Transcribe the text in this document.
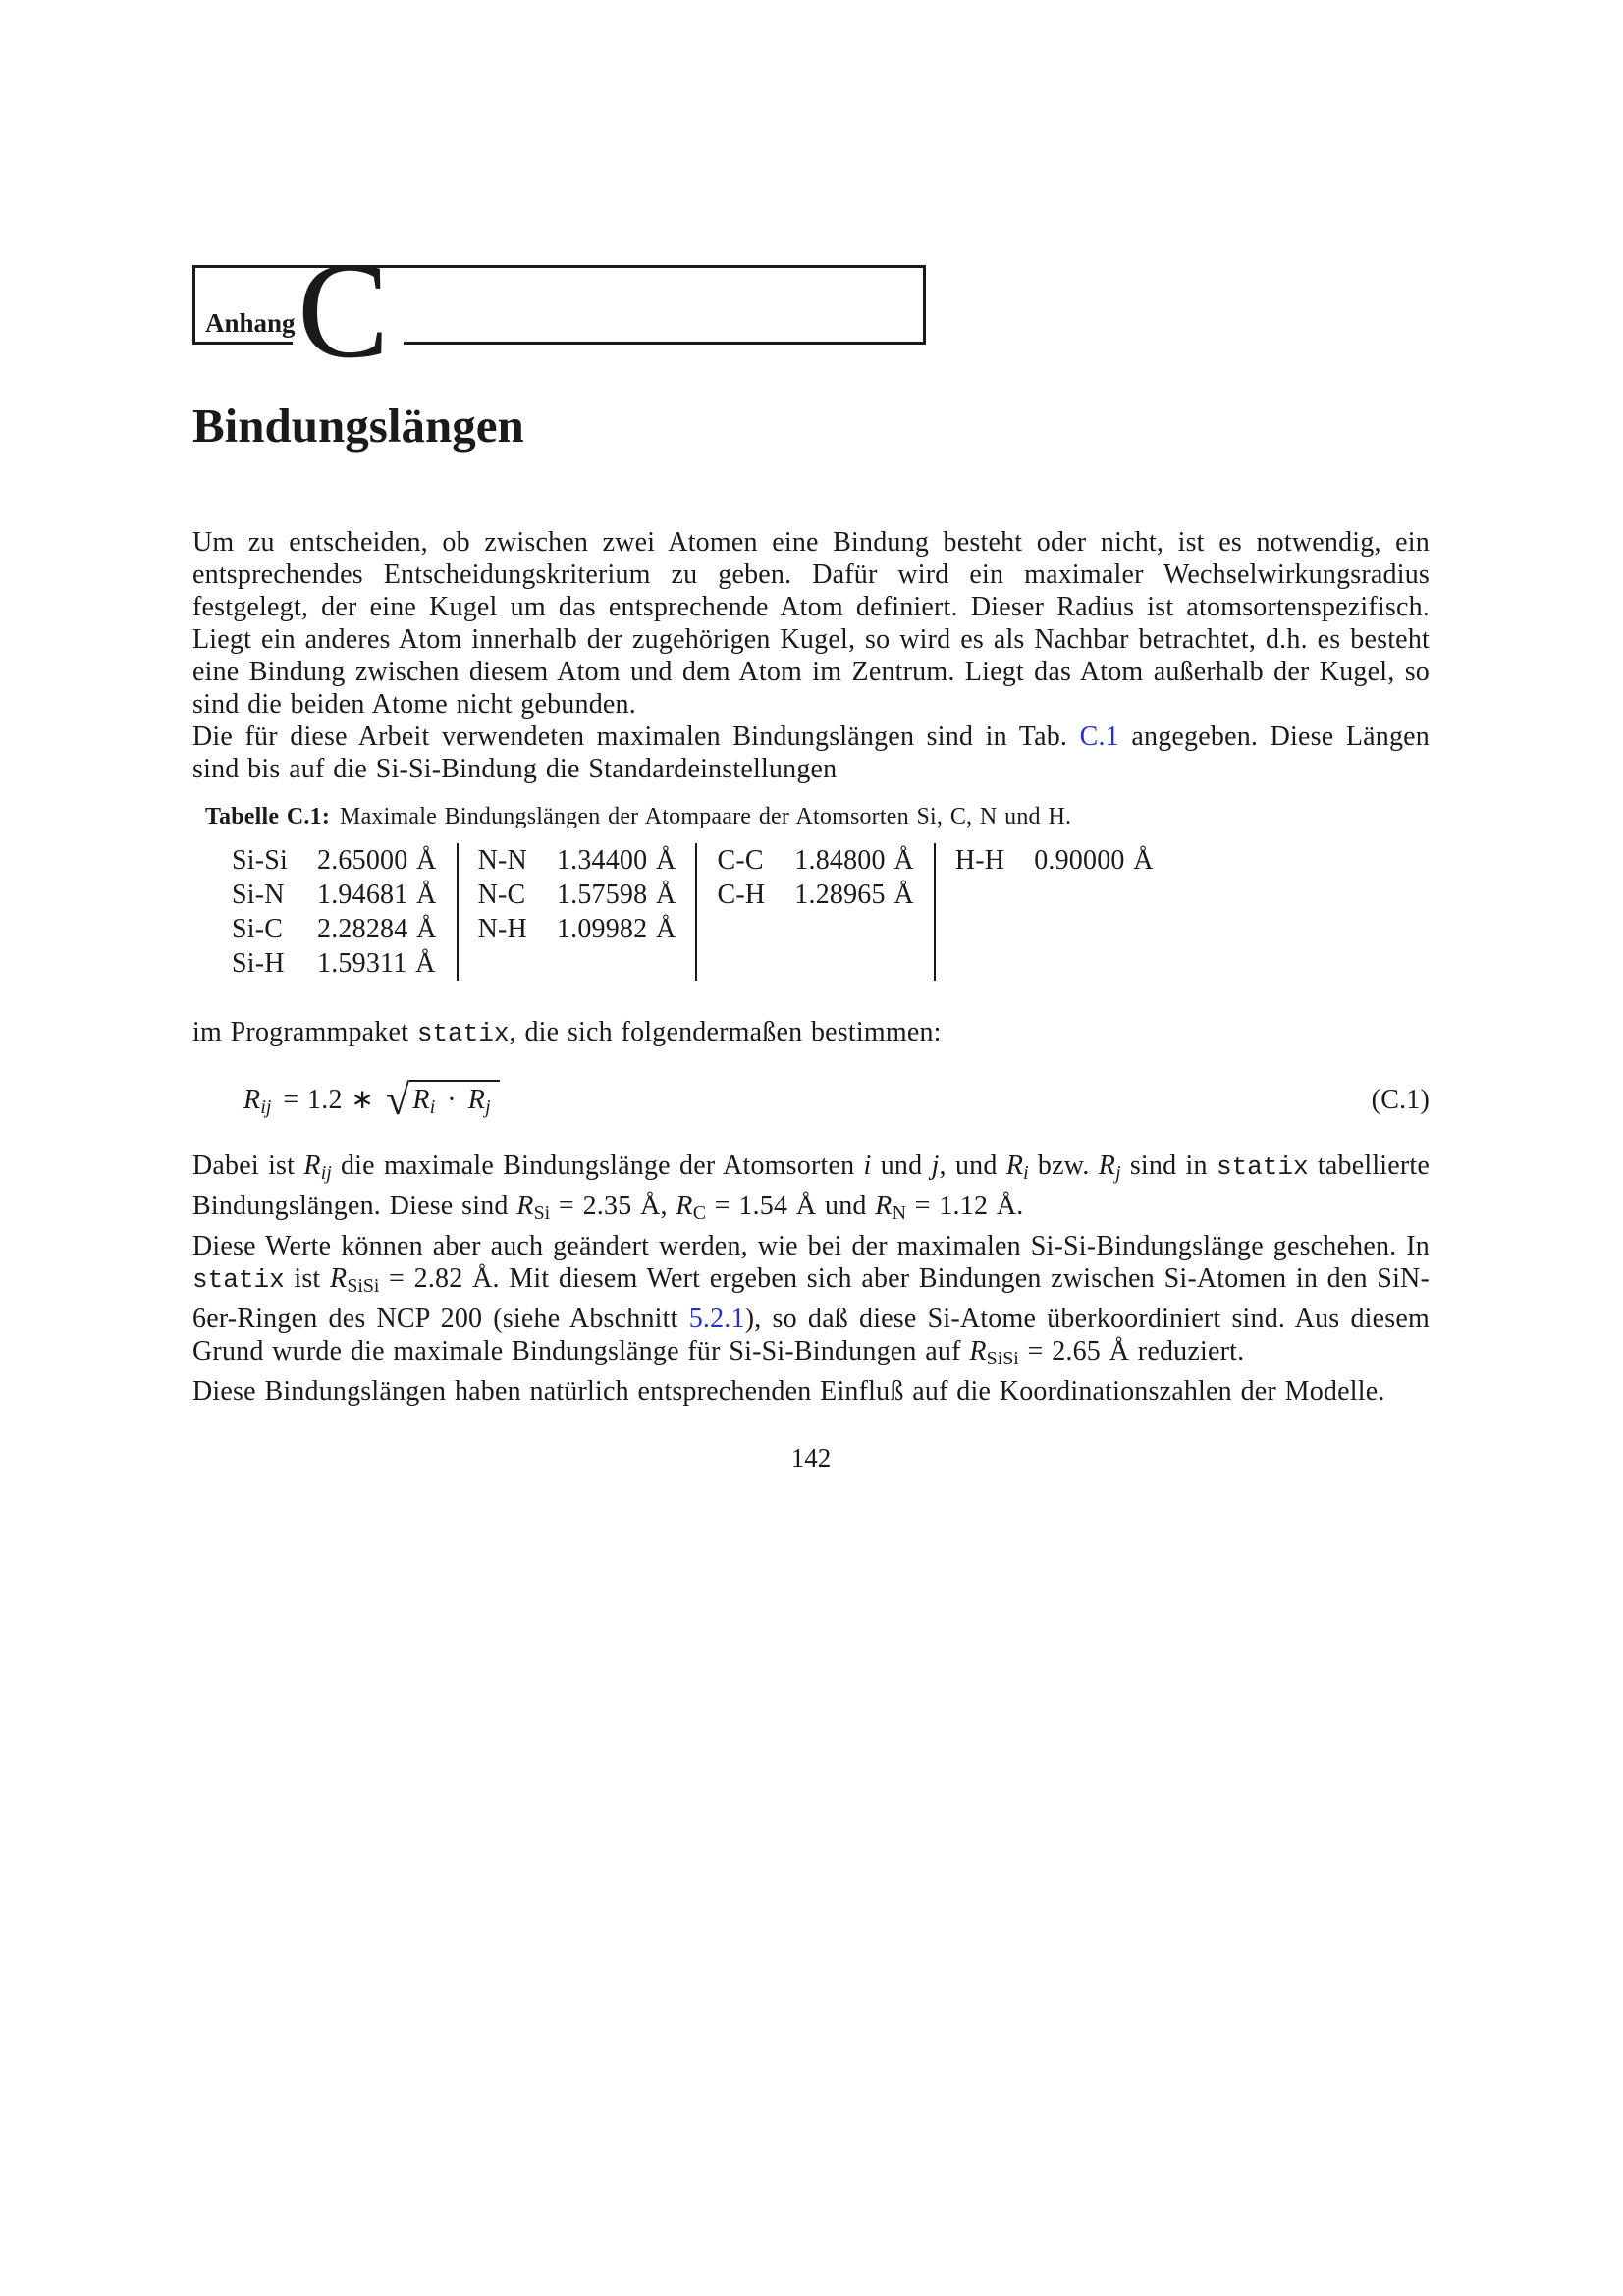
Anhang C
Bindungslängen

Um zu entscheiden, ob zwischen zwei Atomen eine Bindung besteht oder nicht, ist es notwendig, ein entsprechendes Entscheidungskriterium zu geben. Dafür wird ein maximaler Wechselwirkungsradius festgelegt, der eine Kugel um das entsprechende Atom definiert. Dieser Radius ist atomsortenspezifisch. Liegt ein anderes Atom innerhalb der zugehörigen Kugel, so wird es als Nachbar betrachtet, d.h. es besteht eine Bindung zwischen diesem Atom und dem Atom im Zentrum. Liegt das Atom außerhalb der Kugel, so sind die beiden Atome nicht gebunden.

Die für diese Arbeit verwendeten maximalen Bindungslängen sind in Tab. C.1 angegeben. Diese Längen sind bis auf die Si-Si-Bindung die Standardeinstellungen

Tabelle C.1: Maximale Bindungslängen der Atompaare der Atomsorten Si, C, N und H.
Si-Si 2.65000 Å
Si-N 1.94681 Å
Si-C 2.28284 Å
Si-H 1.59311 Å
N-N 1.34400 Å
N-C 1.57598 Å
N-H 1.09982 Å
C-C 1.84800 Å
C-H 1.28965 Å
H-H 0.90000 Å

im Programmpaket statix, die sich folgendermaßen bestimmen:

$R_{ij} = 1.2$ ∗ √ $R_i \cdot R_j$	(C.1)

Dabei ist $R_{ij}$ die maximale Bindungslänge der Atomsorten i und j, und $R_i$ bzw. $R_j$ sind in statix tabellierte Bindungslängen. Diese sind $R_{Si} = 2.35$ Å, $R_C = 1.54$ Å und $R_N = 1.12$ Å.

Diese Werte können aber auch geändert werden, wie bei der maximalen Si-Si-Bindungslänge geschehen. In statix ist $R_{SiSi} = 2.82$ Å. Mit diesem Wert ergeben sich aber Bindungen zwischen Si-Atomen in den SiN-6er-Ringen des NCP 200 (siehe Abschnitt 5.2.1), so daß diese Si-Atome überkoordiniert sind. Aus diesem Grund wurde die maximale Bindungslänge für Si-Si-Bindungen auf $R_{SiSi} = 2.65$ Å reduziert.

Diese Bindungslängen haben natürlich entsprechenden Einfluß auf die Koordinationszahlen der Modelle.

142
